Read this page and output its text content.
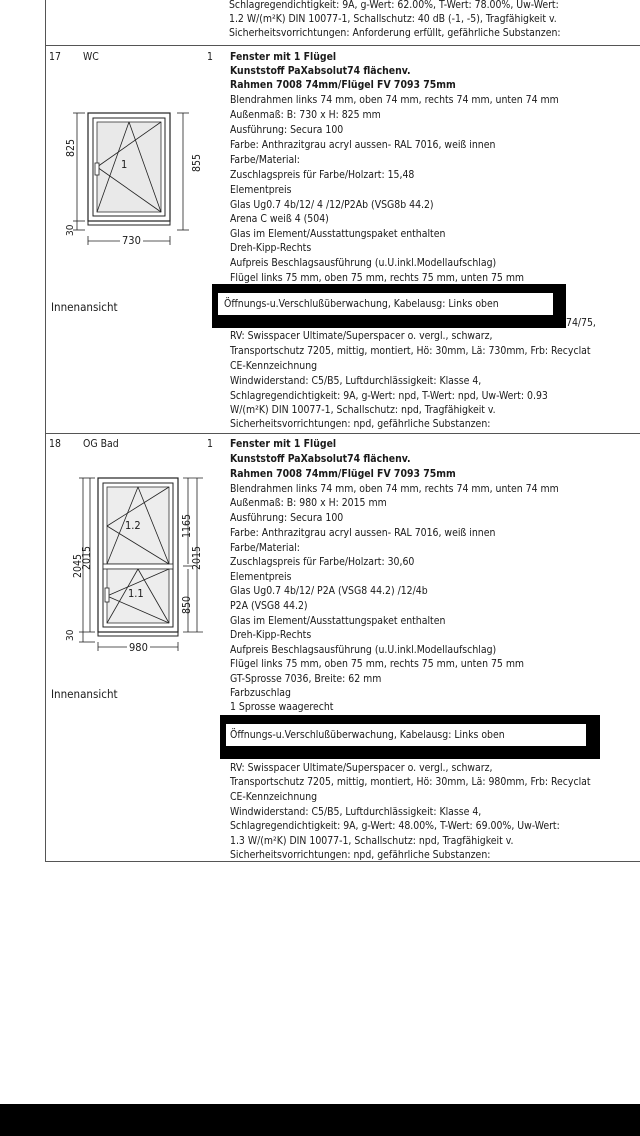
Schlagregendichtigkeit: 9A, g-Wert: 62.00%, T-Wert: 78.00%, Uw-Wert:
1.2 W/(m²K) DIN 10077-1, Schallschutz: 40 dB (-1, -5), Tragfähigkeit v.
Sicherheitsvorrichtungen: Anforderung erfüllt, gefährliche Substanzen:
17 WC	1 Fenster mit 1 Flügel
Kunststoff PaXabsolut74 flächenv.
Rahmen 7008 74mm/Flügel FV 7093 75mm
Blendrahmen links 74 mm, oben 74 mm, rechts 74 mm, unten 74 mm
Außenmaß: B: 730 x H: 825 mm
Ausführung: Secura 100
Farbe: Anthrazitgrau acryl aussen- RAL 7016, weiß innen
Farbe/Material:
Zuschlagspreis für Farbe/Holzart: 15,48
Elementpreis
Glas Ug0.7 4b/12/ 4 /12/P2Ab (VSG8b 44.2)
Arena C weiß 4 (504)
Glas im Element/Ausstattungspaket enthalten
Dreh-Kipp-Rechts
Aufpreis Beschlagsausführung (u.U.inkl.Modellaufschlag)
Flügel links 75 mm, oben 75 mm, rechts 75 mm, unten 75 mm
Öffnungs-u.Verschlußüberwachung, Kabelausg: Links oben
74/75,
RV: Swisspacer Ultimate/Superspacer o. vergl., schwarz,
Transportschutz 7205, mittig, montiert, Hö: 30mm, Lä: 730mm, Frb: Recyclat
CE-Kennzeichnung
Windwiderstand: C5/B5, Luftdurchlässigkeit: Klasse 4,
Schlagregendichtigkeit: 9A, g-Wert: npd, T-Wert: npd, Uw-Wert: 0.93
W/(m²K) DIN 10077-1, Schallschutz: npd, Tragfähigkeit v.
Sicherheitsvorrichtungen: npd, gefährliche Substanzen:
Innenansicht
1
825
855
30
730
18 OG Bad	1 Fenster mit 1 Flügel
Kunststoff PaXabsolut74 flächenv.
Rahmen 7008 74mm/Flügel FV 7093 75mm
Blendrahmen links 74 mm, oben 74 mm, rechts 74 mm, unten 74 mm
Außenmaß: B: 980 x H: 2015 mm
Ausführung: Secura 100
Farbe: Anthrazitgrau acryl aussen- RAL 7016, weiß innen
Farbe/Material:
Zuschlagspreis für Farbe/Holzart: 30,60
Elementpreis
Glas Ug0.7 4b/12/ P2A (VSG8 44.2) /12/4b
P2A (VSG8 44.2)
Glas im Element/Ausstattungspaket enthalten
Dreh-Kipp-Rechts
Aufpreis Beschlagsausführung (u.U.inkl.Modellaufschlag)
Flügel links 75 mm, oben 75 mm, rechts 75 mm, unten 75 mm
GT-Sprosse 7036, Breite: 62 mm
Farbzuschlag
1 Sprosse waagerecht
Öffnungs-u.Verschlußüberwachung, Kabelausg: Links oben
RV: Swisspacer Ultimate/Superspacer o. vergl., schwarz,
Transportschutz 7205, mittig, montiert, Hö: 30mm, Lä: 980mm, Frb: Recyclat
CE-Kennzeichnung
Windwiderstand: C5/B5, Luftdurchlässigkeit: Klasse 4,
Schlagregendichtigkeit: 9A, g-Wert: 48.00%, T-Wert: 69.00%, Uw-Wert:
1.3 W/(m²K) DIN 10077-1, Schallschutz: npd, Tragfähigkeit v.
Sicherheitsvorrichtungen: npd, gefährliche Substanzen:
Innenansicht
1.2
1.1
2045
2015
1165
850
2015
30
980
